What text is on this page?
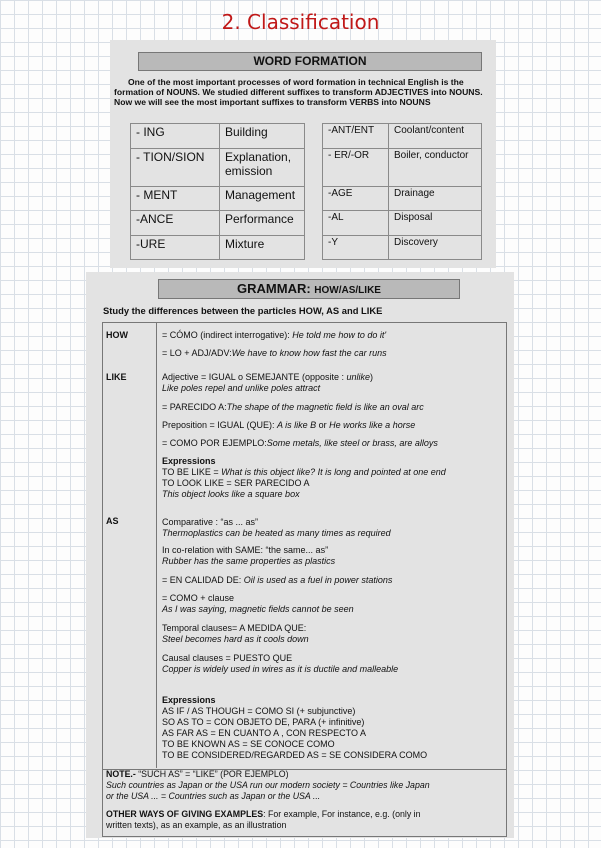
2. Classification
WORD FORMATION
One of the most important processes of word formation in technical English is the formation of NOUNS. We studied different suffixes to transform ADJECTIVES into NOUNS. Now we will see the most important suffixes to transform VERBS into NOUNS
- ING	Building
- TION/SION	Explanation, emission
- MENT	Management
-ANCE	Performance
-URE	Mixture
-ANT/ENT	Coolant/content
- ER/-OR	Boiler, conductor
-AGE	Drainage
-AL	Disposal
-Y	Discovery
GRAMMAR: HOW/AS/LIKE
Study the differences between the particles HOW, AS and LIKE
HOW	= CÓMO (indirect interrogative): He told me how to do it'
= LO + ADJ/ADV:We have to know how fast the car runs
LIKE	Adjective = IGUAL o SEMEJANTE (opposite : unlike)
Like poles repel and unlike poles attract
= PARECIDO A:The shape of the magnetic field is like an oval arc
Preposition = IGUAL (QUE): A is like B or He works like a horse
= COMO POR EJEMPLO:Some metals, like steel or brass, are alloys
Expressions
TO BE LIKE = What is this object like? It is long and pointed at one end
TO LOOK LIKE = SER PARECIDO A
This object looks like a square box
AS	Comparative : “as ... as”
Thermoplastics can be heated as many times as required
In co-relation with SAME: “the same... as”
Rubber has the same properties as plastics
= EN CALIDAD DE: Oil is used as a fuel in power stations
= COMO + clause
As I was saying, magnetic fields cannot be seen
Temporal clauses= A MEDIDA QUE:
Steel becomes hard as it cools down
Causal clauses = PUESTO QUE
Copper is widely used in wires as it is ductile and malleable
Expressions
AS IF / AS THOUGH = COMO SI (+ subjunctive)
SO AS TO = CON OBJETO DE, PARA (+ infinitive)
AS FAR AS = EN CUANTO A , CON RESPECTO A
TO BE KNOWN AS = SE CONOCE COMO
TO BE CONSIDERED/REGARDED AS = SE CONSIDERA COMO
NOTE.- “SUCH AS” = “LIKE” (POR EJEMPLO)
Such countries as Japan or the USA run our modern society = Countries like Japan
or the USA ... = Countries such as Japan or the USA ...
OTHER WAYS OF GIVING EXAMPLES: For example, For instance, e.g. (only in
written texts), as an example, as an illustration
